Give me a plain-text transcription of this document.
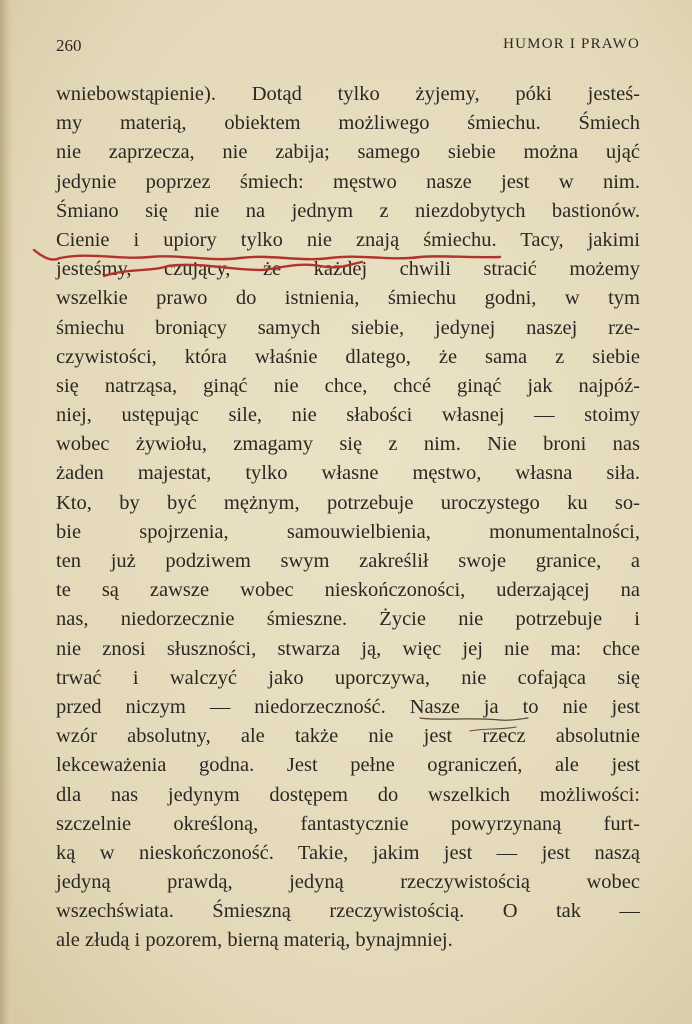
260	HUMOR I PRAWO
wniebowstąpienie). Dotąd tylko żyjemy, póki jesteś-
my materią, obiektem możliwego śmiechu. Śmiech
nie zaprzecza, nie zabija; samego siebie można ująć
jedynie poprzez śmiech: męstwo nasze jest w nim.
Śmiano się nie na jednym z niezdobytych bastionów.
Cienie i upiory tylko nie znają śmiechu. Tacy, jakimi
jesteśmy, czujący, że każdej chwili stracić możemy
wszelkie prawo do istnienia, śmiechu godni, w tym
śmiechu broniący samych siebie, jedynej naszej rze-
czywistości, która właśnie dlatego, że sama z siebie
się natrząsa, ginąć nie chce, chcé ginąć jak najpóź-
niej, ustępując sile, nie słabości własnej — stoimy
wobec żywiołu, zmagamy się z nim. Nie broni nas
żaden majestat, tylko własne męstwo, własna siła.
Kto, by być mężnym, potrzebuje uroczystego ku so-
bie spojrzenia, samouwielbienia, monumentalności,
ten już podziwem swym zakreślił swoje granice, a
te są zawsze wobec nieskończoności, uderzającej na
nas, niedorzecznie śmieszne. Życie nie potrzebuje i
nie znosi słuszności, stwarza ją, więc jej nie ma: chce
trwać i walczyć jako uporczywa, nie cofająca się
przed niczym — niedorzeczność. Nasze ja to nie jest
wzór absolutny, ale także nie jest rzecz absolutnie
lekceważenia godna. Jest pełne ograniczeń, ale jest
dla nas jedynym dostępem do wszelkich możliwości:
szczelnie określoną, fantastycznie powyrzynaną furt-
ką w nieskończoność. Takie, jakim jest — jest naszą
jedyną prawdą, jedyną rzeczywistością wobec
wszechświata. Śmieszną rzeczywistością. O tak —
ale złudą i pozorem, bierną materią, bynajmniej.
